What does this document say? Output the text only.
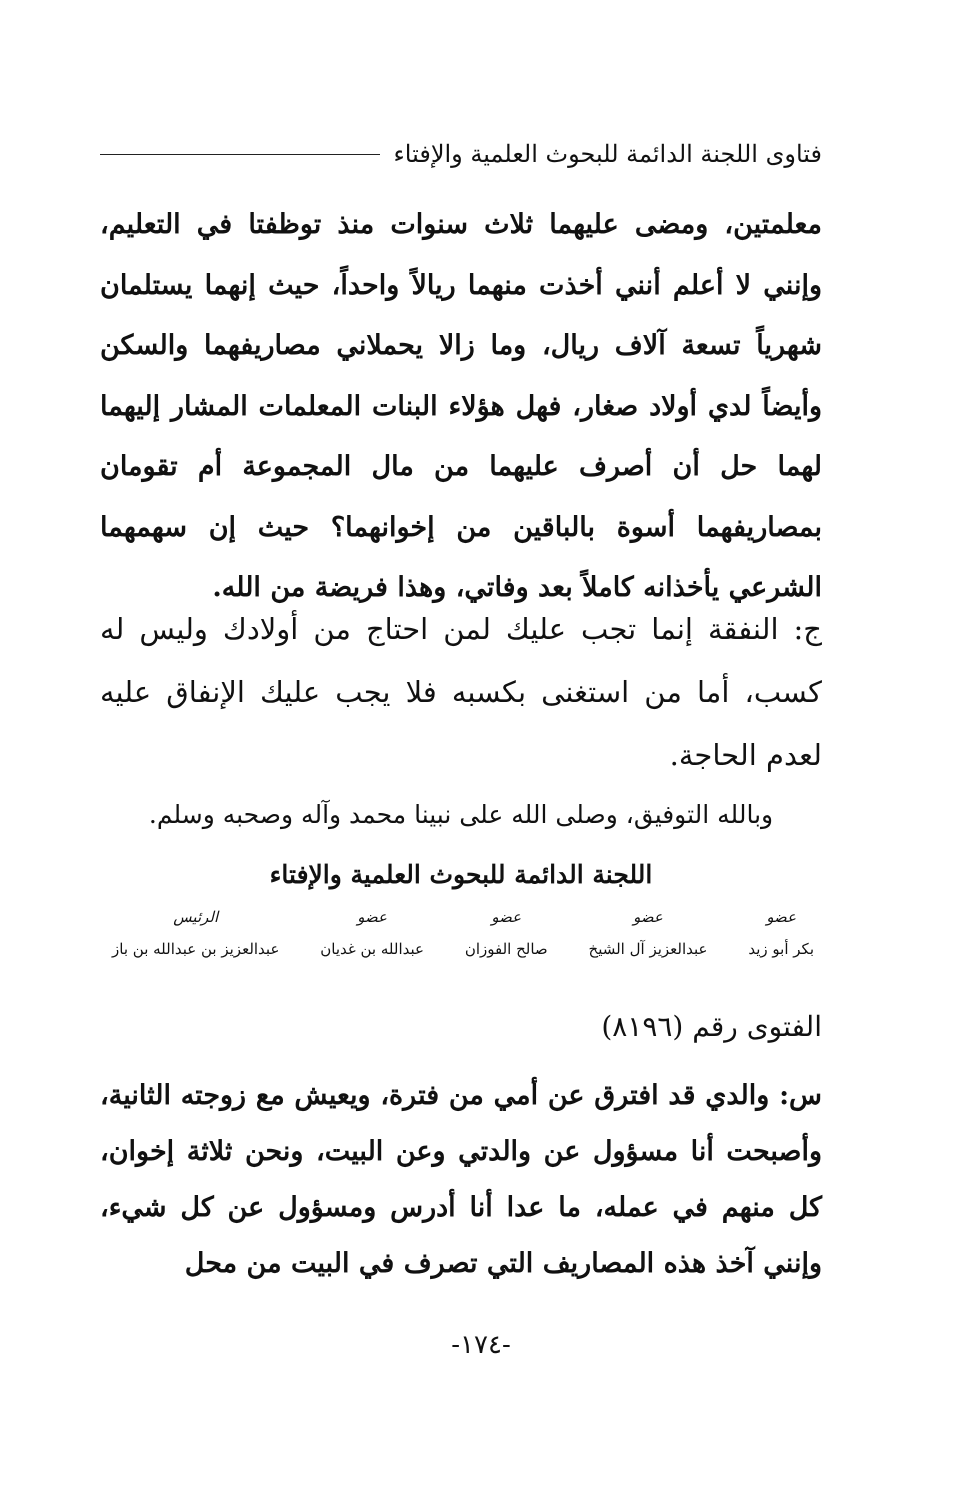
فتاوى اللجنة الدائمة للبحوث العلمية والإفتاء

معلمتين، ومضى عليهما ثلاث سنوات منذ توظفتا في التعليم، وإنني لا أعلم أنني أخذت منهما ريالاً واحداً، حيث إنهما يستلمان شهرياً تسعة آلاف ريال، وما زالا يحملاني مصاريفهما والسكن وأيضاً لدي أولاد صغار، فهل هؤلاء البنات المعلمات المشار إليهما لهما حل أن أصرف عليهما من مال المجموعة أم تقومان بمصاريفهما أسوة بالباقين من إخوانهما؟ حيث إن سهمهما الشرعي يأخذانه كاملاً بعد وفاتي، وهذا فريضة من الله.

ج: النفقة إنما تجب عليك لمن احتاج من أولادك وليس له كسب، أما من استغنى بكسبه فلا يجب عليك الإنفاق عليه لعدم الحاجة.

وبالله التوفيق، وصلى الله على نبينا محمد وآله وصحبه وسلم.
اللجنة الدائمة للبحوث العلمية والإفتاء
عضو
بكر أبو زيد
عضو
عبدالعزيز آل الشيخ
عضو
صالح الفوزان
عضو
عبدالله بن غديان
الرئيس
عبدالعزيز بن عبدالله بن باز
الفتوى رقم (٨١٩٦)

س: والدي قد افترق عن أمي من فترة، ويعيش مع زوجته الثانية، وأصبحت أنا مسؤول عن والدتي وعن البيت، ونحن ثلاثة إخوان، كل منهم في عمله، ما عدا أنا أدرس ومسؤول عن كل شيء، وإنني آخذ هذه المصاريف التي تصرف في البيت من محل

-١٧٤-
